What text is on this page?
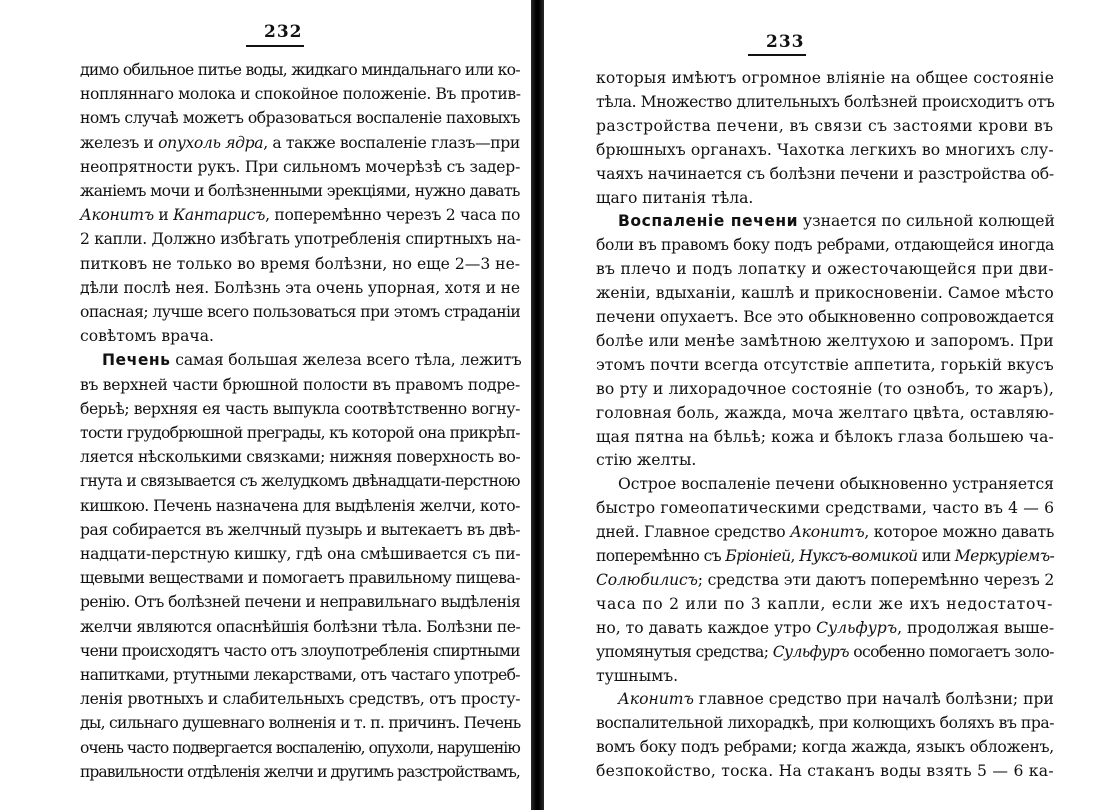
232
димо обильное питье воды, жидкаго миндальнаго или ко-
нопляннаго молока и спокойное положеніе. Въ против-
номъ случаѣ можетъ образоваться воспаленіе паховыхъ
железъ и опухоль ядра, а также воспаленіе глазъ—при
неопрятности рукъ. При сильномъ мочерѣзѣ съ задер-
жаніемъ мочи и болѣзненными эрекціями, нужно давать
Аконитъ и Кантарисъ, поперемѣнно черезъ 2 часа по
2 капли. Должно избѣгать употребленія спиртныхъ на-
питковъ не только во время болѣзни, но еще 2—3 не-
дѣли послѣ нея. Болѣзнь эта очень упорная, хотя и не
опасная; лучше всего пользоваться при этомъ страданіи
совѣтомъ врача.
Печень самая большая железа всего тѣла, лежитъ
въ верхней части брюшной полости въ правомъ подре-
берьѣ; верхняя ея часть выпукла соотвѣтственно вогну-
тости грудобрюшной преграды, къ которой она прикрѣп-
ляется нѣсколькими связками; нижняя поверхность во-
гнута и связывается съ желудкомъ двѣнадцати-перстною
кишкою. Печень назначена для выдѣленія желчи, кото-
рая собирается въ желчный пузырь и вытекаетъ въ двѣ-
надцати-перстную кишку, гдѣ она смѣшивается съ пи-
щевыми веществами и помогаетъ правильному пищева-
ренію. Отъ болѣзней печени и неправильнаго выдѣленія
желчи являются опаснѣйшія болѣзни тѣла. Болѣзни пе-
чени происходятъ часто отъ злоупотребленія спиртными
напитками, ртутными лекарствами, отъ частаго употреб-
ленія рвотныхъ и слабительныхъ средствъ, отъ просту-
ды, сильнаго душевнаго волненія и т. п. причинъ. Печень
очень часто подвергается воспаленію, опухоли, нарушенію
правильности отдѣленія желчи и другимъ разстройствамъ,
233
которыя имѣютъ огромное вліяніе на общее состояніе
тѣла. Множество длительныхъ болѣзней происходитъ отъ
разстройства печени, въ связи съ застоями крови въ
брюшныхъ органахъ. Чахотка легкихъ во многихъ слу-
чаяхъ начинается съ болѣзни печени и разстройства об-
щаго питанія тѣла.
Воспаленіе печени узнается по сильной колющей
боли въ правомъ боку подъ ребрами, отдающейся иногда
въ плечо и подъ лопатку и ожесточающейся при дви-
женіи, вдыханіи, кашлѣ и прикосновеніи. Самое мѣсто
печени опухаетъ. Все это обыкновенно сопровождается
болѣе или менѣе замѣтною желтухою и запоромъ. При
этомъ почти всегда отсутствіе аппетита, горькій вкусъ
во рту и лихорадочное состояніе (то ознобъ, то жаръ),
головная боль, жажда, моча желтаго цвѣта, оставляю-
щая пятна на бѣльѣ; кожа и бѣлокъ глаза большею ча-
стію желты.
Острое воспаленіе печени обыкновенно устраняется
быстро гомеопатическими средствами, часто въ 4 — 6
дней. Главное средство Аконитъ, которое можно давать
поперемѣнно съ Бріоніей, Нуксъ-вомикой или Меркуріемъ-
Солюбилисъ; средства эти даютъ поперемѣнно черезъ 2
часа по 2 или по 3 капли, если же ихъ недостаточ-
но, то давать каждое утро Сульфуръ, продолжая выше-
упомянутыя средства; Сульфуръ особенно помогаетъ золо-
тушнымъ.
Аконитъ главное средство при началѣ болѣзни; при
воспалительной лихорадкѣ, при колющихъ боляхъ въ пра-
вомъ боку подъ ребрами; когда жажда, языкъ обложенъ,
безпокойство, тоска. На стаканъ воды взять 5 — 6 ка-
